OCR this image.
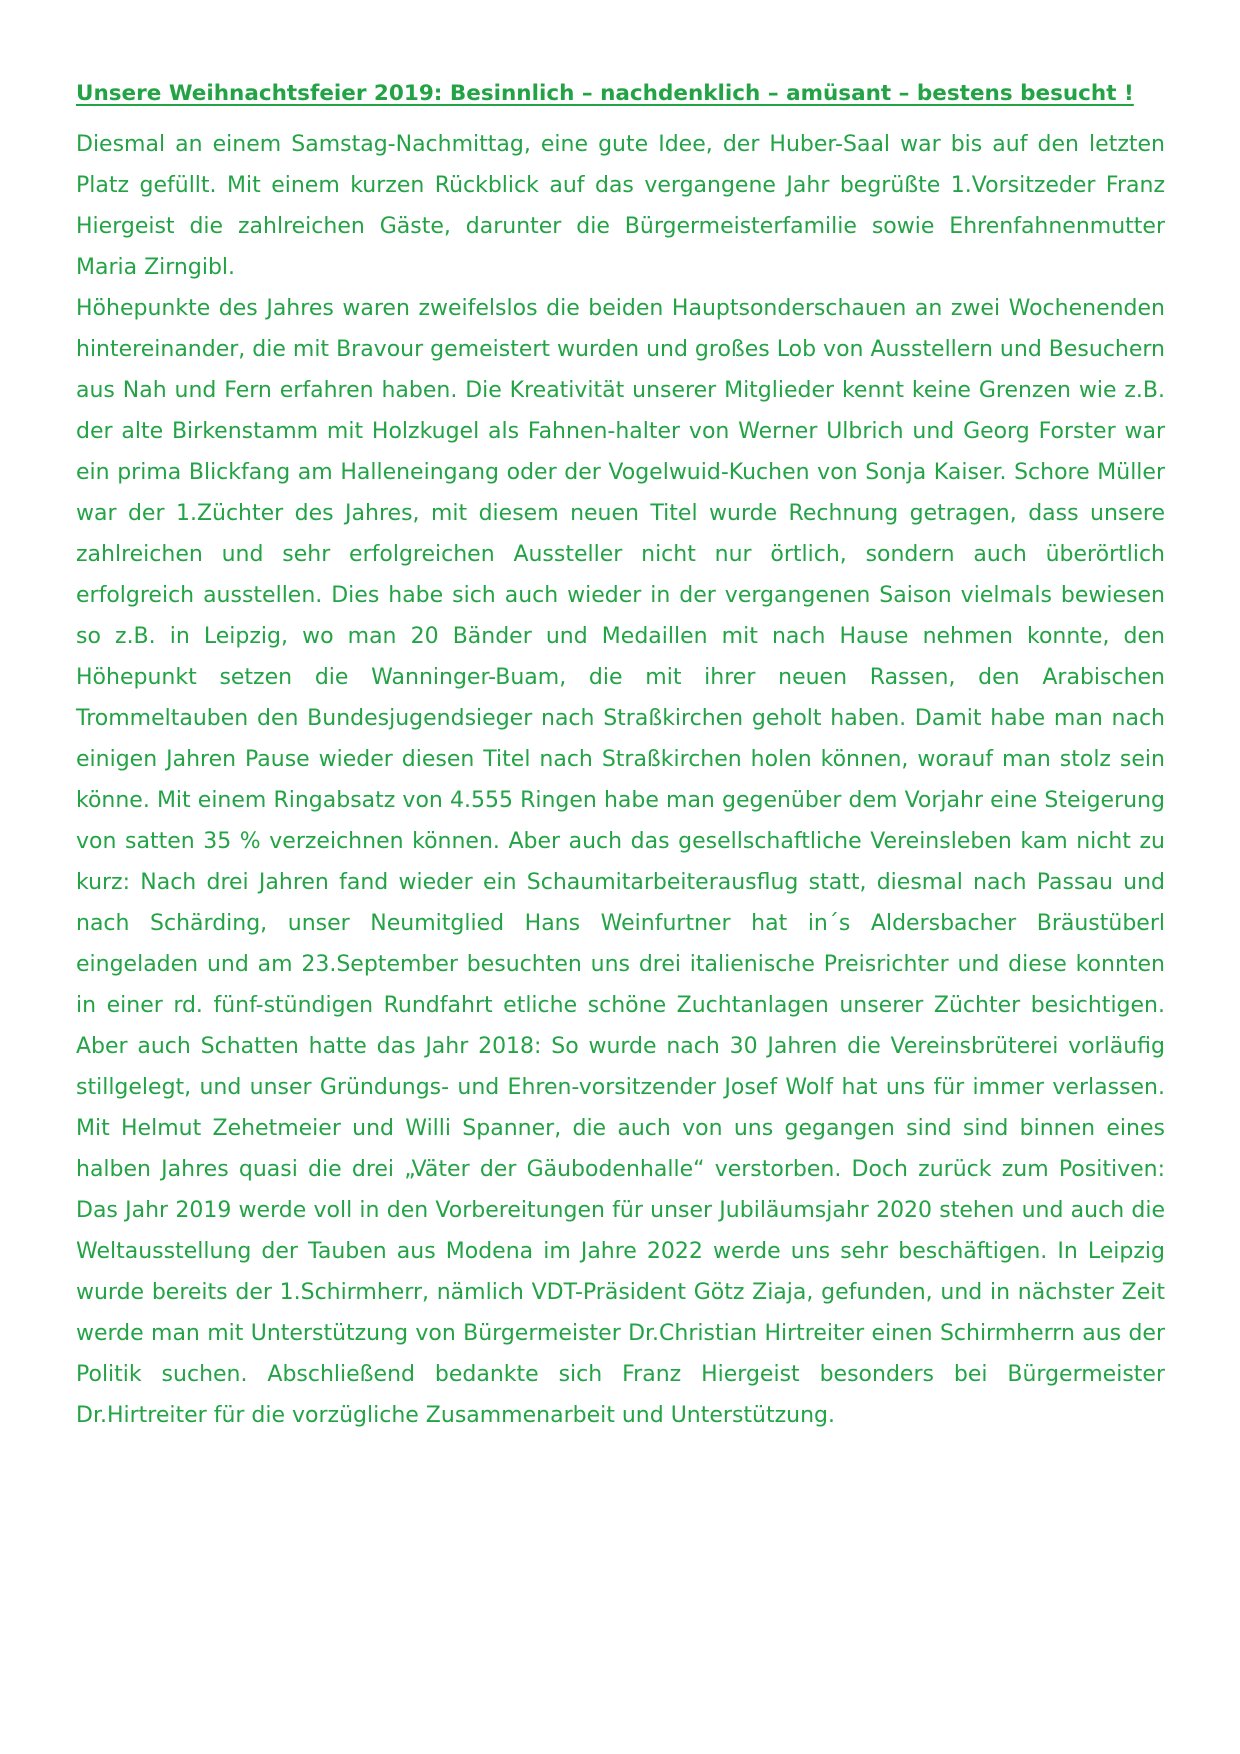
Unsere Weihnachtsfeier 2019: Besinnlich – nachdenklich – amüsant – bestens besucht !

Diesmal an einem Samstag-Nachmittag, eine gute Idee, der Huber-Saal war bis auf den letzten Platz gefüllt. Mit einem kurzen Rückblick auf das vergangene Jahr begrüßte 1.Vorsitzeder Franz Hiergeist die zahlreichen Gäste, darunter die Bürgermeisterfamilie sowie Ehrenfahnenmutter Maria Zirngibl.

Höhepunkte des Jahres waren zweifelslos die beiden Hauptsonderschauen an zwei Wochenenden hintereinander, die mit Bravour gemeistert wurden und großes Lob von Ausstellern und Besuchern aus Nah und Fern erfahren haben. Die Kreativität unserer Mitglieder kennt keine Grenzen wie z.B. der alte Birkenstamm mit Holzkugel als Fahnen-halter von Werner Ulbrich und Georg Forster war ein prima Blickfang am Halleneingang oder der Vogelwuid-Kuchen von Sonja Kaiser. Schore Müller war der 1.Züchter des Jahres, mit diesem neuen Titel wurde Rechnung getragen, dass unsere zahlreichen und sehr erfolgreichen Aussteller nicht nur örtlich, sondern auch überörtlich erfolgreich ausstellen. Dies habe sich auch wieder in der vergangenen Saison vielmals bewiesen so z.B. in Leipzig, wo man 20 Bänder und Medaillen mit nach Hause nehmen konnte, den Höhepunkt setzen die Wanninger-Buam, die mit ihrer neuen Rassen, den Arabischen Trommeltauben den Bundesjugendsieger nach Straßkirchen geholt haben. Damit habe man nach einigen Jahren Pause wieder diesen Titel nach Straßkirchen holen können, worauf man stolz sein könne. Mit einem Ringabsatz von 4.555 Ringen habe man gegenüber dem Vorjahr eine Steigerung von satten 35 % verzeichnen können. Aber auch das gesellschaftliche Vereinsleben kam nicht zu kurz: Nach drei Jahren fand wieder ein Schaumitarbeiterausflug statt, diesmal nach Passau und nach Schärding, unser Neumitglied Hans Weinfurtner hat in´s Aldersbacher Bräustüberl eingeladen und am 23.September besuchten uns drei italienische Preisrichter und diese konnten in einer rd. fünf-stündigen Rundfahrt etliche schöne Zuchtanlagen unserer Züchter besichtigen. Aber auch Schatten hatte das Jahr 2018: So wurde nach 30 Jahren die Vereinsbrüterei vorläufig stillgelegt, und unser Gründungs- und Ehren-vorsitzender Josef Wolf hat uns für immer verlassen. Mit Helmut Zehetmeier und Willi Spanner, die auch von uns gegangen sind sind binnen eines halben Jahres quasi die drei „Väter der Gäubodenhalle“ verstorben. Doch zurück zum Positiven: Das Jahr 2019 werde voll in den Vorbereitungen für unser Jubiläumsjahr 2020 stehen und auch die Weltausstellung der Tauben aus Modena im Jahre 2022 werde uns sehr beschäftigen. In Leipzig wurde bereits der 1.Schirmherr, nämlich VDT-Präsident Götz Ziaja, gefunden, und in nächster Zeit werde man mit Unterstützung von Bürgermeister Dr.Christian Hirtreiter einen Schirmherrn aus der Politik suchen. Abschließend bedankte sich Franz Hiergeist besonders bei Bürgermeister Dr.Hirtreiter für die vorzügliche Zusammenarbeit und Unterstützung.
